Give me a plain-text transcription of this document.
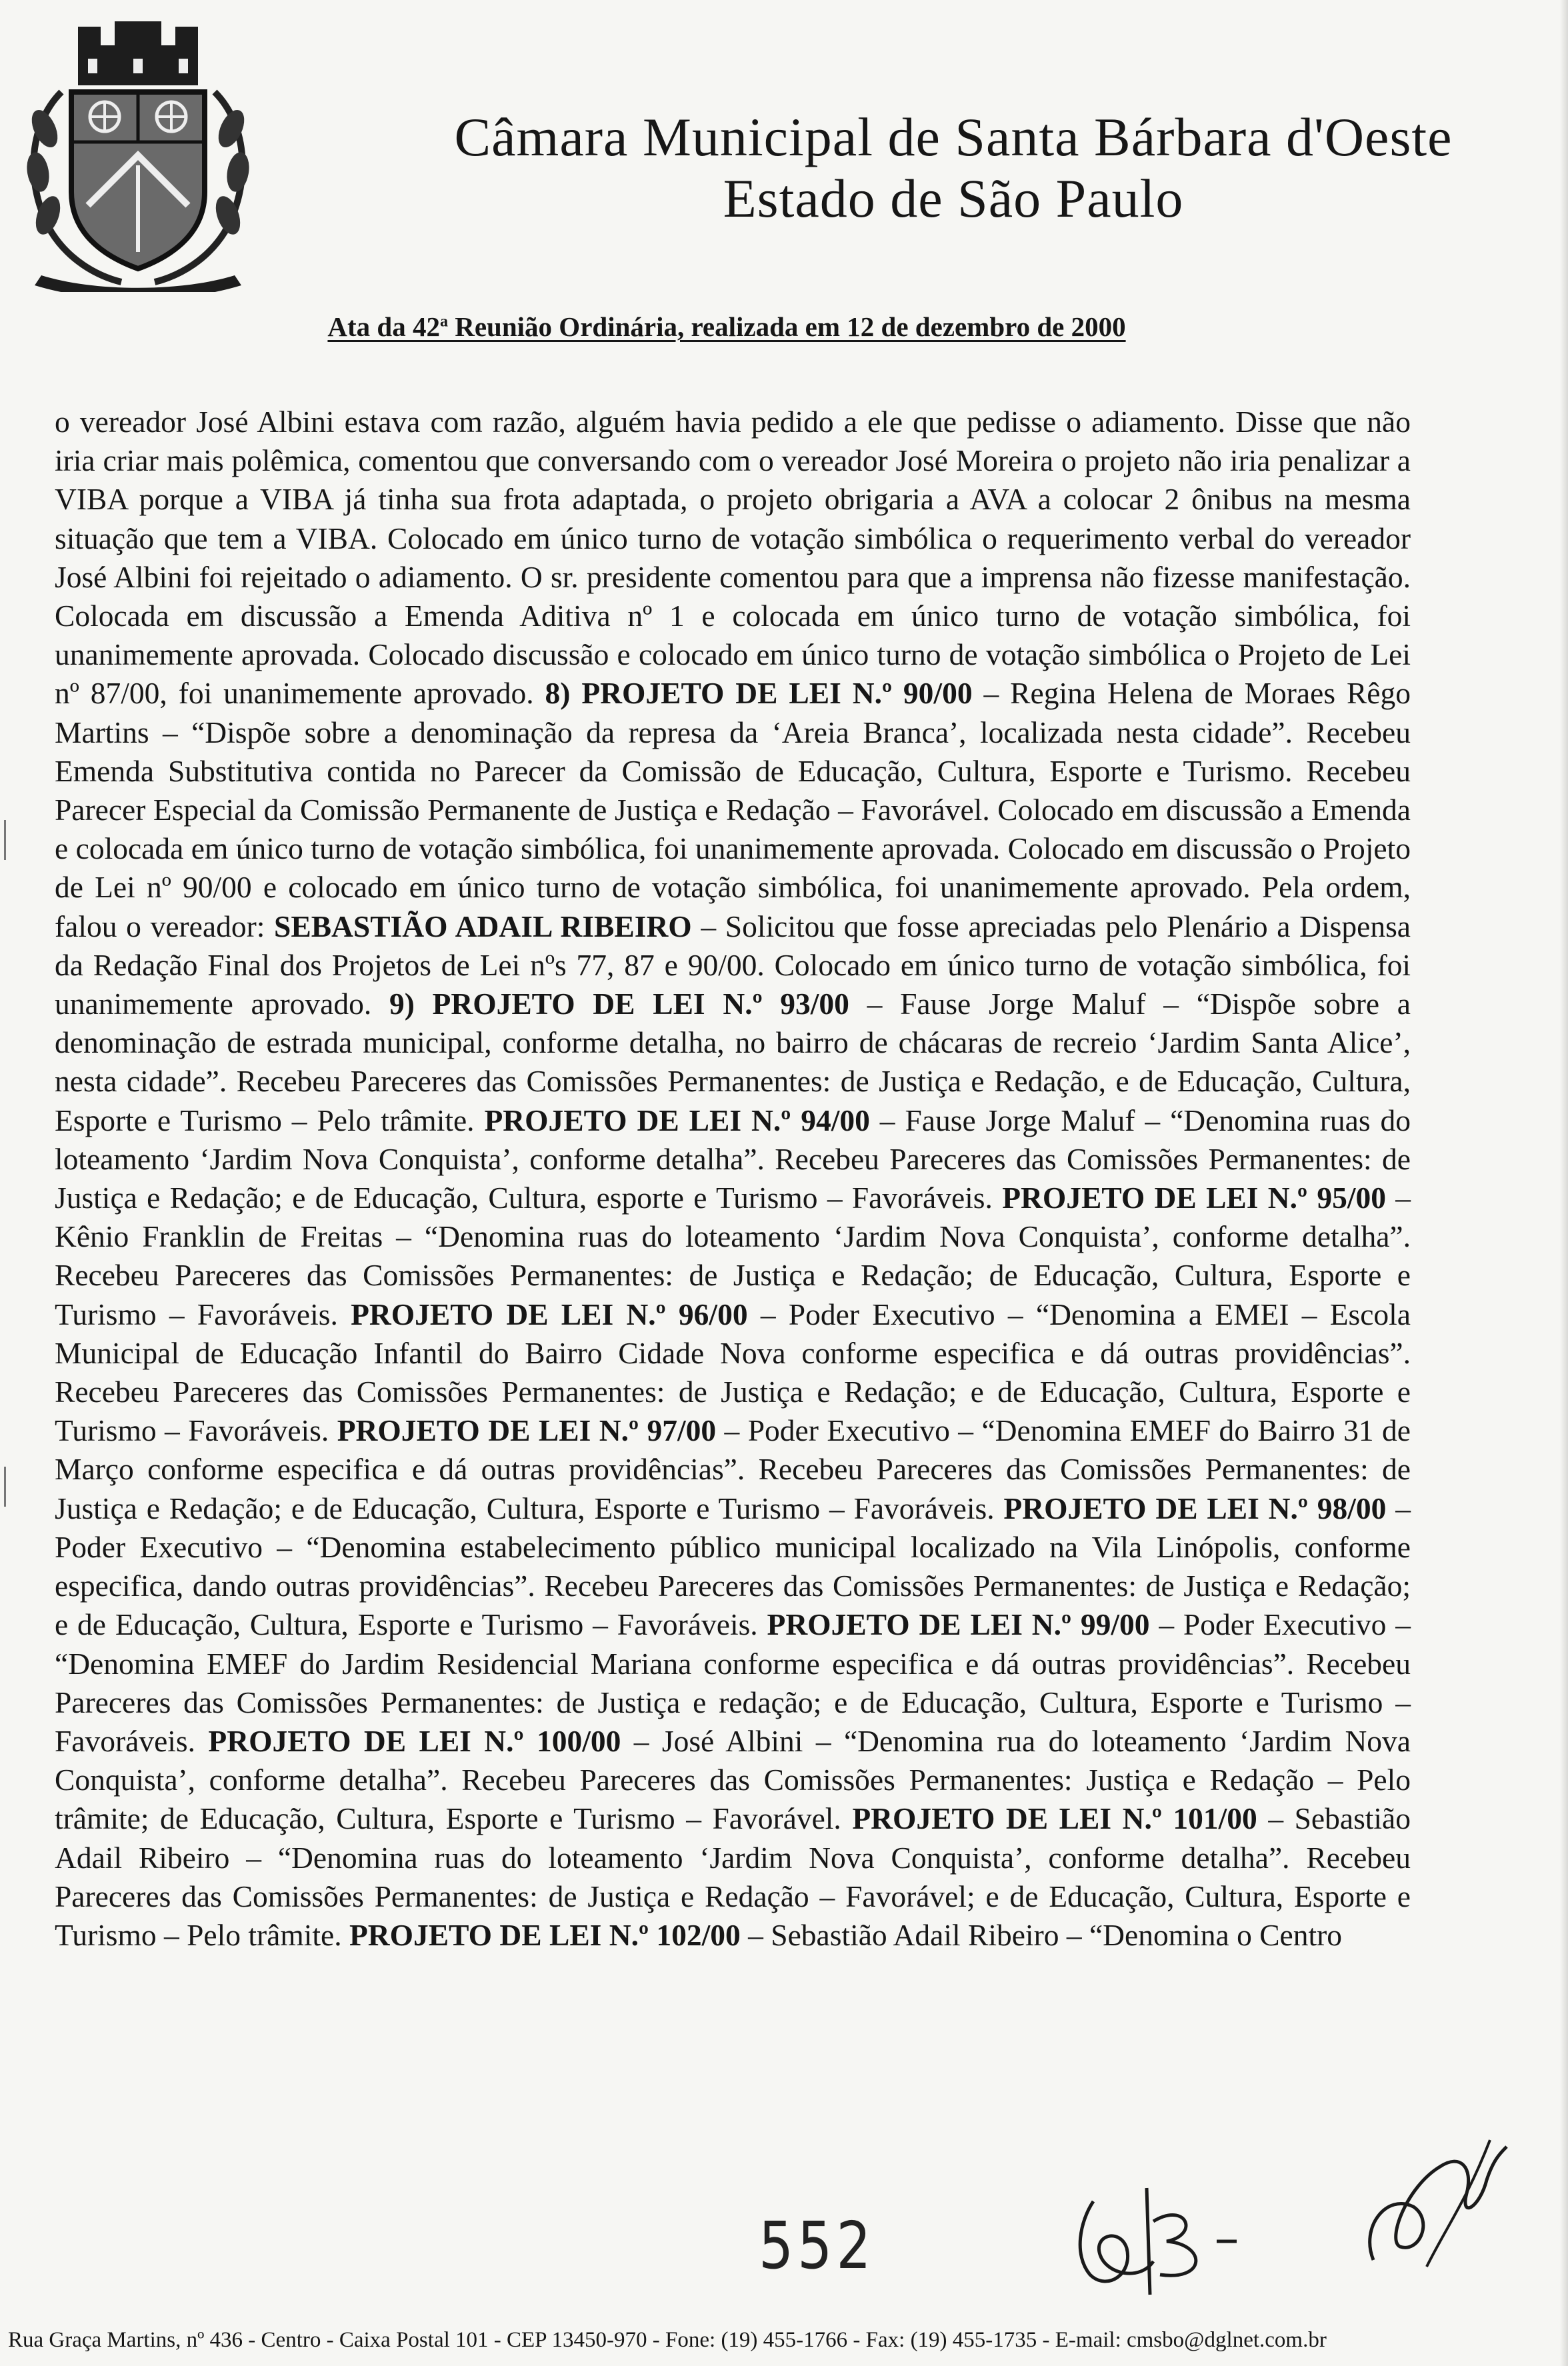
Câmara Municipal de Santa Bárbara d'Oeste
Estado de São Paulo
Ata da 42$^a$ Reunião Ordinária, realizada em 12 de dezembro de 2000
o vereador José Albini estava com razão, alguém havia pedido a ele que pedisse o adiamento. Disse que não iria criar mais polêmica, comentou que conversando com o vereador José Moreira o projeto não iria penalizar a VIBA porque a VIBA já tinha sua frota adaptada, o projeto obrigaria a AVA a colocar 2 ônibus na mesma situação que tem a VIBA. Colocado em único turno de votação simbólica o requerimento verbal do vereador José Albini foi rejeitado o adiamento. O sr. presidente comentou para que a imprensa não fizesse manifestação. Colocada em discussão a Emenda Aditiva nº 1 e colocada em único turno de votação simbólica, foi unanimemente aprovada. Colocado discussão e colocado em único turno de votação simbólica o Projeto de Lei nº 87/00, foi unanimemente aprovado. 8) PROJETO DE LEI N.º 90/00 – Regina Helena de Moraes Rêgo Martins – “Dispõe sobre a denominação da represa da ‘Areia Branca’, localizada nesta cidade”. Recebeu Emenda Substitutiva contida no Parecer da Comissão de Educação, Cultura, Esporte e Turismo. Recebeu Parecer Especial da Comissão Permanente de Justiça e Redação – Favorável. Colocado em discussão a Emenda e colocada em único turno de votação simbólica, foi unanimemente aprovada. Colocado em discussão o Projeto de Lei nº 90/00 e colocado em único turno de votação simbólica, foi unanimemente aprovado. Pela ordem, falou o vereador: SEBASTIÃO ADAIL RIBEIRO – Solicitou que fosse apreciadas pelo Plenário a Dispensa da Redação Final dos Projetos de Lei nºs 77, 87 e 90/00. Colocado em único turno de votação simbólica, foi unanimemente aprovado. 9) PROJETO DE LEI N.º 93/00 – Fause Jorge Maluf – “Dispõe sobre a denominação de estrada municipal, conforme detalha, no bairro de chácaras de recreio ‘Jardim Santa Alice’, nesta cidade”. Recebeu Pareceres das Comissões Permanentes: de Justiça e Redação, e de Educação, Cultura, Esporte e Turismo – Pelo trâmite. PROJETO DE LEI N.º 94/00 – Fause Jorge Maluf – “Denomina ruas do loteamento ‘Jardim Nova Conquista’, conforme detalha”. Recebeu Pareceres das Comissões Permanentes: de Justiça e Redação; e de Educação, Cultura, esporte e Turismo – Favoráveis. PROJETO DE LEI N.º 95/00 – Kênio Franklin de Freitas – “Denomina ruas do loteamento ‘Jardim Nova Conquista’, conforme detalha”. Recebeu Pareceres das Comissões Permanentes: de Justiça e Redação; de Educação, Cultura, Esporte e Turismo – Favoráveis. PROJETO DE LEI N.º 96/00 – Poder Executivo – “Denomina a EMEI – Escola Municipal de Educação Infantil do Bairro Cidade Nova conforme especifica e dá outras providências”. Recebeu Pareceres das Comissões Permanentes: de Justiça e Redação; e de Educação, Cultura, Esporte e Turismo – Favoráveis. PROJETO DE LEI N.º 97/00 – Poder Executivo – “Denomina EMEF do Bairro 31 de Março conforme especifica e dá outras providências”. Recebeu Pareceres das Comissões Permanentes: de Justiça e Redação; e de Educação, Cultura, Esporte e Turismo – Favoráveis. PROJETO DE LEI N.º 98/00 – Poder Executivo – “Denomina estabelecimento público municipal localizado na Vila Linópolis, conforme especifica, dando outras providências”. Recebeu Pareceres das Comissões Permanentes: de Justiça e Redação; e de Educação, Cultura, Esporte e Turismo – Favoráveis. PROJETO DE LEI N.º 99/00 – Poder Executivo – “Denomina EMEF do Jardim Residencial Mariana conforme especifica e dá outras providências”. Recebeu Pareceres das Comissões Permanentes: de Justiça e redação; e de Educação, Cultura, Esporte e Turismo – Favoráveis. PROJETO DE LEI N.º 100/00 – José Albini – “Denomina rua do loteamento ‘Jardim Nova Conquista’, conforme detalha”. Recebeu Pareceres das Comissões Permanentes: Justiça e Redação – Pelo trâmite; de Educação, Cultura, Esporte e Turismo – Favorável. PROJETO DE LEI N.º 101/00 – Sebastião Adail Ribeiro – “Denomina ruas do loteamento ‘Jardim Nova Conquista’, conforme detalha”. Recebeu Pareceres das Comissões Permanentes: de Justiça e Redação – Favorável; e de Educação, Cultura, Esporte e Turismo – Pelo trâmite. PROJETO DE LEI N.º 102/00 – Sebastião Adail Ribeiro – “Denomina o Centro
552
Rua Graça Martins, nº 436 - Centro - Caixa Postal 101 - CEP 13450-970 - Fone: (19) 455-1766 - Fax: (19) 455-1735 - E-mail: cmsbo@dglnet.com.br
